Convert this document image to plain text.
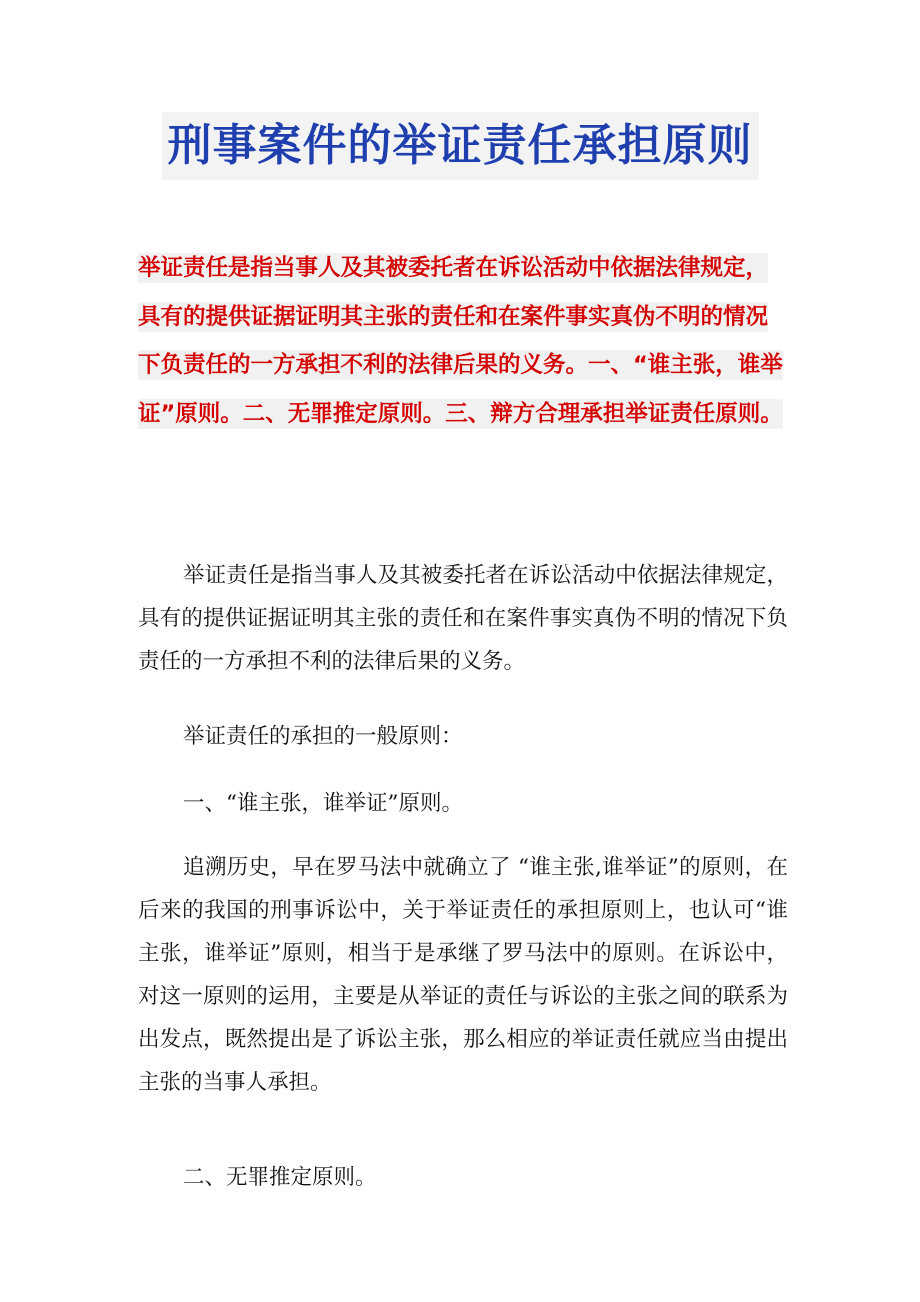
刑事案件的举证责任承担原则

举证责任是指当事人及其被委托者在诉讼活动中依据法律规定，具有的提供证据证明其主张的责任和在案件事实真伪不明的情况下负责任的一方承担不利的法律后果的义务。一、“谁主张，谁举证”原则。二、无罪推定原则。三、辩方合理承担举证责任原则。

举证责任是指当事人及其被委托者在诉讼活动中依据法律规定，具有的提供证据证明其主张的责任和在案件事实真伪不明的情况下负责任的一方承担不利的法律后果的义务。

举证责任的承担的一般原则：

一、“谁主张，谁举证”原则。

追溯历史，早在罗马法中就确立了 “谁主张,谁举证”的原则，在后来的我国的刑事诉讼中，关于举证责任的承担原则上，也认可“谁主张，谁举证”原则，相当于是承继了罗马法中的原则。在诉讼中，对这一原则的运用，主要是从举证的责任与诉讼的主张之间的联系为出发点，既然提出是了诉讼主张，那么相应的举证责任就应当由提出主张的当事人承担。

二、无罪推定原则。
